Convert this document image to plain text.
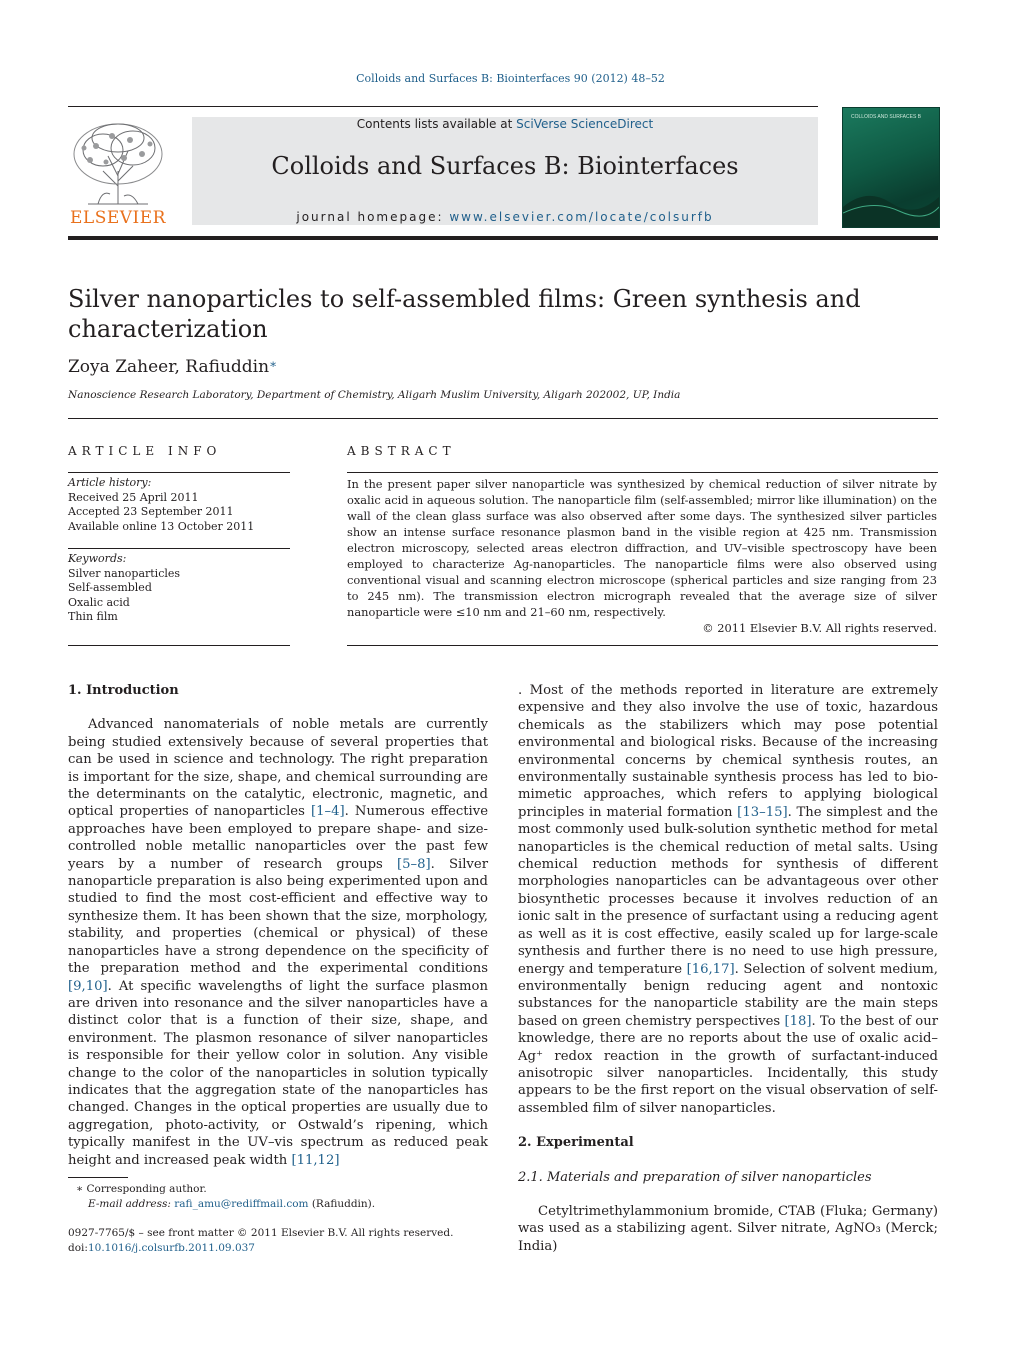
Colloids and Surfaces B: Biointerfaces 90 (2012) 48–52
ELSEVIER
Contents lists available at SciVerse ScienceDirect
Colloids and Surfaces B: Biointerfaces
journal homepage: www.elsevier.com/locate/colsurfb
COLLOIDS AND SURFACES B
Silver nanoparticles to self-assembled films: Green synthesis and characterization
Zoya Zaheer, Rafiuddin∗
Nanoscience Research Laboratory, Department of Chemistry, Aligarh Muslim University, Aligarh 202002, UP, India
ARTICLE INFO
Article history:
Received 25 April 2011
Accepted 23 September 2011
Available online 13 October 2011
Keywords:
Silver nanoparticles
Self-assembled
Oxalic acid
Thin film
ABSTRACT
In the present paper silver nanoparticle was synthesized by chemical reduction of silver nitrate by oxalic acid in aqueous solution. The nanoparticle film (self-assembled; mirror like illumination) on the wall of the clean glass surface was also observed after some days. The synthesized silver particles show an intense surface resonance plasmon band in the visible region at 425 nm. Transmission electron microscopy, selected areas electron diffraction, and UV–visible spectroscopy have been employed to characterize Ag-nanoparticles. The nanoparticle films were also observed using conventional visual and scanning electron microscope (spherical particles and size ranging from 23 to 245 nm). The transmission electron micrograph revealed that the average size of silver nanoparticle were ≤10 nm and 21–60 nm, respectively.
© 2011 Elsevier B.V. All rights reserved.

1. Introduction

Advanced nanomaterials of noble metals are currently being studied extensively because of several properties that can be used in science and technology. The right preparation is important for the size, shape, and chemical surrounding are the determinants on the catalytic, electronic, magnetic, and optical properties of nanoparticles [1–4]. Numerous effective approaches have been employed to prepare shape- and size-controlled noble metallic nanoparticles over the past few years by a number of research groups [5–8]. Silver nanoparticle preparation is also being experimented upon and studied to find the most cost-efficient and effective way to synthesize them. It has been shown that the size, morphology, stability, and properties (chemical or physical) of these nanoparticles have a strong dependence on the specificity of the preparation method and the experimental conditions [9,10]. At specific wavelengths of light the surface plasmon are driven into resonance and the silver nanoparticles have a distinct color that is a function of their size, shape, and environment. The plasmon resonance of silver nanoparticles is responsible for their yellow color in solution. Any visible change to the color of the nanoparticles in solution typically indicates that the aggregation state of the nanoparticles has changed. Changes in the optical properties are usually due to aggregation, photo-activity, or Ostwald’s ripening, which typically manifest in the UV–vis spectrum as reduced peak height and increased peak width [11,12]

. Most of the methods reported in literature are extremely expensive and they also involve the use of toxic, hazardous chemicals as the stabilizers which may pose potential environmental and biological risks. Because of the increasing environmental concerns by chemical synthesis routes, an environmentally sustainable synthesis process has led to bio-mimetic approaches, which refers to applying biological principles in material formation [13–15]. The simplest and the most commonly used bulk-solution synthetic method for metal nanoparticles is the chemical reduction of metal salts. Using chemical reduction methods for synthesis of different morphologies nanoparticles can be advantageous over other biosynthetic processes because it involves reduction of an ionic salt in the presence of surfactant using a reducing agent as well as it is cost effective, easily scaled up for large-scale synthesis and further there is no need to use high pressure, energy and temperature [16,17]. Selection of solvent medium, environmentally benign reducing agent and nontoxic substances for the nanoparticle stability are the main steps based on green chemistry perspectives [18]. To the best of our knowledge, there are no reports about the use of oxalic acid–Ag⁺ redox reaction in the growth of surfactant-induced anisotropic silver nanoparticles. Incidentally, this study appears to be the first report on the visual observation of self-assembled film of silver nanoparticles.

2. Experimental

2.1. Materials and preparation of silver nanoparticles

Cetyltrimethylammonium bromide, CTAB (Fluka; Germany) was used as a stabilizing agent. Silver nitrate, AgNO₃ (Merck; India)

∗ Corresponding author.
E-mail address: rafi_amu@rediffmail.com (Rafiuddin).
0927-7765/$ – see front matter © 2011 Elsevier B.V. All rights reserved.
doi:10.1016/j.colsurfb.2011.09.037
